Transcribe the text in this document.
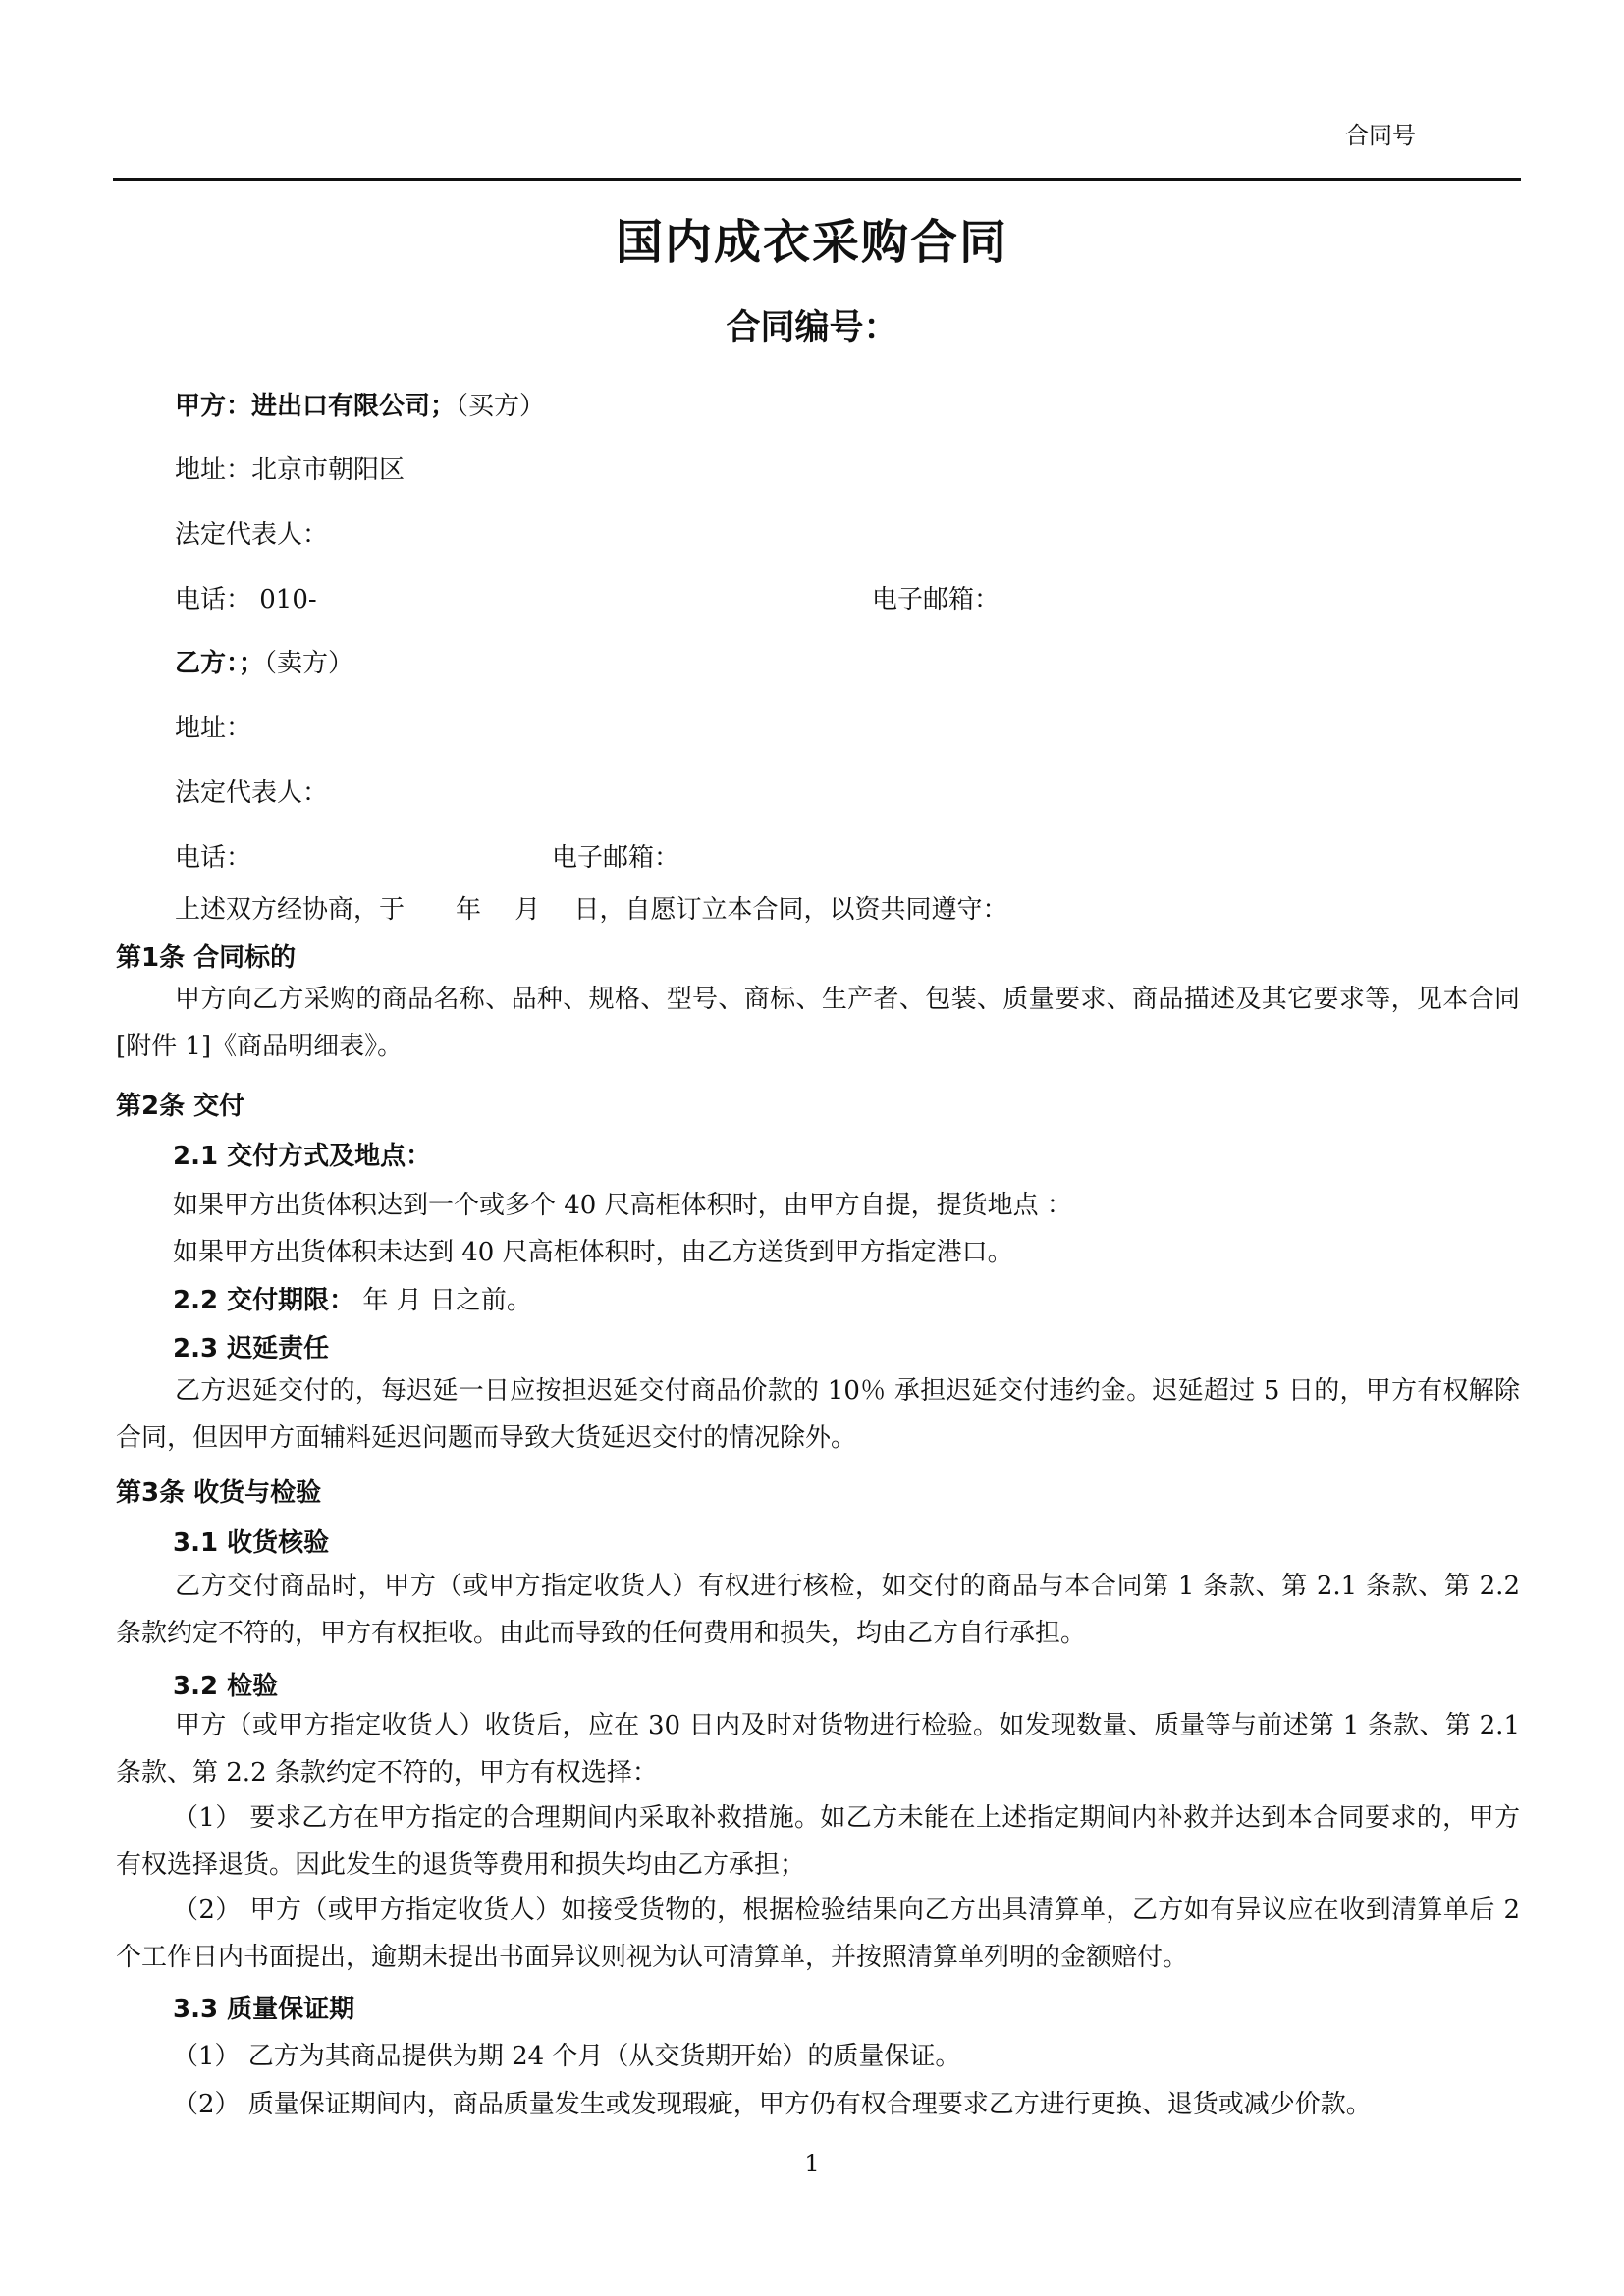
合同号
国内成衣采购合同
合同编号：
甲方：进出口有限公司；（买方）
地址：北京市朝阳区
法定代表人：
电话： 010-	电子邮箱：
乙方：；（卖方）
地址：
法定代表人：
电话：	电子邮箱：
上述双方经协商，于　　年　 月　 日，自愿订立本合同，以资共同遵守：
第1条 合同标的
甲方向乙方采购的商品名称、品种、规格、型号、商标、生产者、包装、质量要求、商品描述及其它要求等，见本合同[附件 1]《商品明细表》。
第2条 交付
2.1 交付方式及地点：
如果甲方出货体积达到一个或多个 40 尺高柜体积时，由甲方自提，提货地点 ：
如果甲方出货体积未达到 40 尺高柜体积时，由乙方送货到甲方指定港口。
2.2 交付期限： 年 月 日之前。
2.3 迟延责任
乙方迟延交付的，每迟延一日应按担迟延交付商品价款的 10％ 承担迟延交付违约金。迟延超过 5 日的，甲方有权解除合同，但因甲方面辅料延迟问题而导致大货延迟交付的情况除外。
第3条 收货与检验
3.1 收货核验
乙方交付商品时，甲方（或甲方指定收货人）有权进行核检，如交付的商品与本合同第 1 条款、第 2.1 条款、第 2.2 条款约定不符的，甲方有权拒收。由此而导致的任何费用和损失，均由乙方自行承担。
3.2 检验
甲方（或甲方指定收货人）收货后，应在 30 日内及时对货物进行检验。如发现数量、质量等与前述第 1 条款、第 2.1 条款、第 2.2 条款约定不符的，甲方有权选择：
（1） 要求乙方在甲方指定的合理期间内采取补救措施。如乙方未能在上述指定期间内补救并达到本合同要求的，甲方有权选择退货。因此发生的退货等费用和损失均由乙方承担；
（2） 甲方（或甲方指定收货人）如接受货物的，根据检验结果向乙方出具清算单，乙方如有异议应在收到清算单后 2 个工作日内书面提出，逾期未提出书面异议则视为认可清算单，并按照清算单列明的金额赔付。
3.3 质量保证期
（1） 乙方为其商品提供为期 24 个月（从交货期开始）的质量保证。
（2） 质量保证期间内，商品质量发生或发现瑕疵，甲方仍有权合理要求乙方进行更换、退货或减少价款。
1
